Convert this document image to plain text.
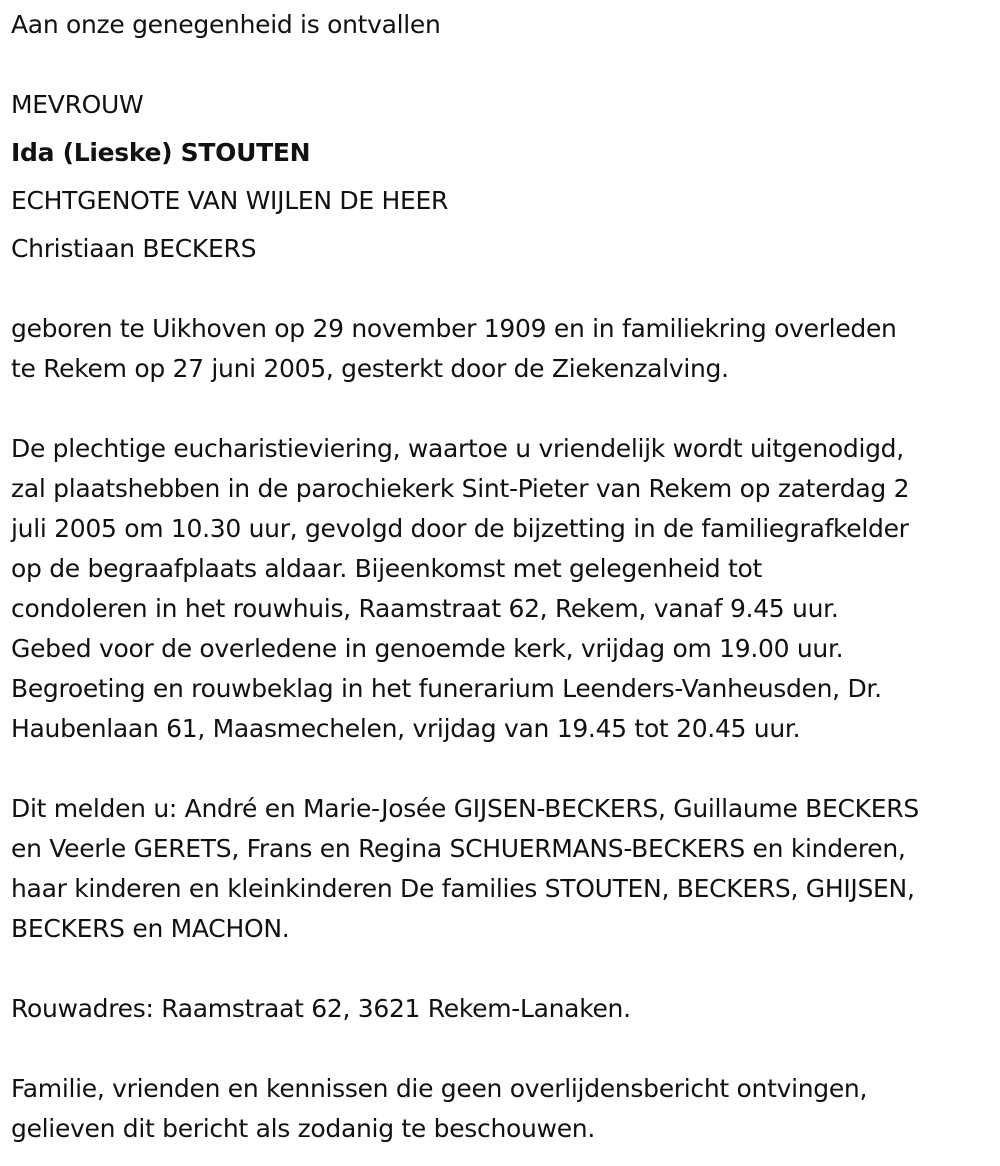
Aan onze genegenheid is ontvallen
MEVROUW
Ida (Lieske) STOUTEN
ECHTGENOTE VAN WIJLEN DE HEER
Christiaan BECKERS
geboren te Uikhoven op 29 november 1909 en in familiekring overleden
te Rekem op 27 juni 2005, gesterkt door de Ziekenzalving.
De plechtige eucharistieviering, waartoe u vriendelijk wordt uitgenodigd,
zal plaatshebben in de parochiekerk Sint-Pieter van Rekem op zaterdag 2
juli 2005 om 10.30 uur, gevolgd door de bijzetting in de familiegrafkelder
op de begraafplaats aldaar. Bijeenkomst met gelegenheid tot
condoleren in het rouwhuis, Raamstraat 62, Rekem, vanaf 9.45 uur.
Gebed voor de overledene in genoemde kerk, vrijdag om 19.00 uur.
Begroeting en rouwbeklag in het funerarium Leenders-Vanheusden, Dr.
Haubenlaan 61, Maasmechelen, vrijdag van 19.45 tot 20.45 uur.
Dit melden u: André en Marie-Josée GIJSEN-BECKERS, Guillaume BECKERS
en Veerle GERETS, Frans en Regina SCHUERMANS-BECKERS en kinderen,
haar kinderen en kleinkinderen De families STOUTEN, BECKERS, GHIJSEN,
BECKERS en MACHON.
Rouwadres: Raamstraat 62, 3621 Rekem-Lanaken.
Familie, vrienden en kennissen die geen overlijdensbericht ontvingen,
gelieven dit bericht als zodanig te beschouwen.
